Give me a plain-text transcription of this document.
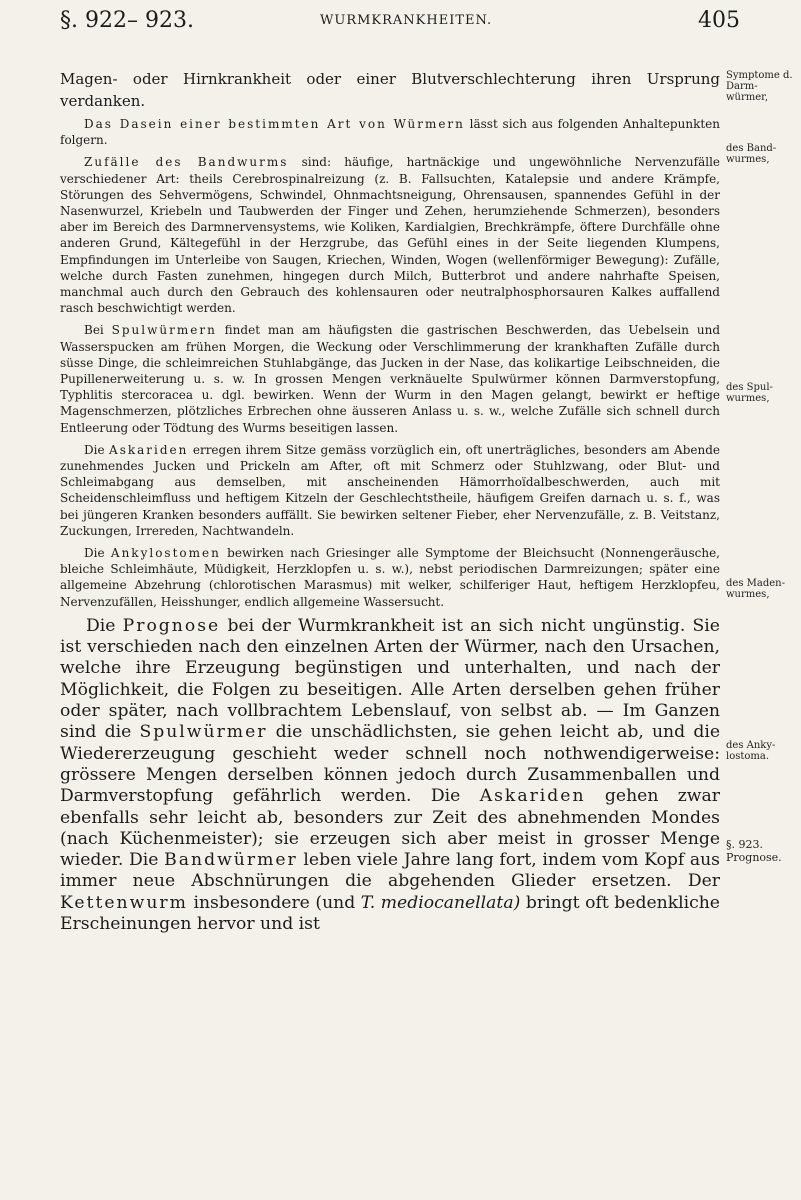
§. 922– 923.	WURMKRANKHEITEN.	405
Symptome d.
Darm-
würmer,
des Band-
wurmes,
des Spul-
wurmes,
des Maden-
wurmes,
des Anky-
lostoma.
§. 923.
Prognose.

Magen- oder Hirnkrankheit oder einer Blutverschlechterung ihren Ursprung verdanken.

Das Dasein einer bestimmten Art von Würmern lässt sich aus folgenden Anhaltepunkten folgern.

Zufälle des Bandwurms sind: häufige, hartnäckige und ungewöhnliche Nervenzufälle verschiedener Art: theils Cerebrospinalreizung (z. B. Fallsuchten, Katalepsie und andere Krämpfe, Störungen des Sehvermögens, Schwindel, Ohnmachtsneigung, Ohrensausen, spannendes Gefühl in der Nasenwurzel, Kriebeln und Taubwerden der Finger und Zehen, herumziehende Schmerzen), besonders aber im Bereich des Darmnervensystems, wie Koliken, Kardialgien, Brechkrämpfe, öftere Durchfälle ohne anderen Grund, Kältegefühl in der Herzgrube, das Gefühl eines in der Seite liegenden Klumpens, Empfindungen im Unterleibe von Saugen, Kriechen, Winden, Wogen (wellenförmiger Bewegung): Zufälle, welche durch Fasten zunehmen, hingegen durch Milch, Butterbrot und andere nahrhafte Speisen, manchmal auch durch den Gebrauch des kohlensauren oder neutralphosphorsauren Kalkes auffallend rasch beschwichtigt werden.

Bei Spulwürmern findet man am häufigsten die gastrischen Beschwerden, das Uebelsein und Wasserspucken am frühen Morgen, die Weckung oder Verschlimmerung der krankhaften Zufälle durch süsse Dinge, die schleimreichen Stuhlabgänge, das Jucken in der Nase, das kolikartige Leibschneiden, die Pupillenerweiterung u. s. w. In grossen Mengen verknäuelte Spulwürmer können Darmverstopfung, Typhlitis stercoracea u. dgl. bewirken. Wenn der Wurm in den Magen gelangt, bewirkt er heftige Magenschmerzen, plötzliches Erbrechen ohne äusseren Anlass u. s. w., welche Zufälle sich schnell durch Entleerung oder Tödtung des Wurms beseitigen lassen.

Die Askariden erregen ihrem Sitze gemäss vorzüglich ein, oft unerträgliches, besonders am Abende zunehmendes Jucken und Prickeln am After, oft mit Schmerz oder Stuhlzwang, oder Blut- und Schleimabgang aus demselben, mit anscheinenden Hämorrhoïdalbeschwerden, auch mit Scheidenschleimfluss und heftigem Kitzeln der Geschlechtstheile, häufigem Greifen darnach u. s. f., was bei jüngeren Kranken besonders auffällt. Sie bewirken seltener Fieber, eher Nervenzufälle, z. B. Veitstanz, Zuckungen, Irrereden, Nachtwandeln.

Die Ankylostomen bewirken nach Griesinger alle Symptome der Bleichsucht (Nonnengeräusche, bleiche Schleimhäute, Müdigkeit, Herzklopfen u. s. w.), nebst periodischen Darmreizungen; später eine allgemeine Abzehrung (chlorotischen Marasmus) mit welker, schilferiger Haut, heftigem Herzklopfeu, Nervenzufällen, Heisshunger, endlich allgemeine Wassersucht.

Die Prognose bei der Wurmkrankheit ist an sich nicht ungünstig. Sie ist verschieden nach den einzelnen Arten der Würmer, nach den Ursachen, welche ihre Erzeugung begünstigen und unterhalten, und nach der Möglichkeit, die Folgen zu beseitigen. Alle Arten derselben gehen früher oder später, nach vollbrachtem Lebenslauf, von selbst ab. — Im Ganzen sind die Spulwürmer die unschädlichsten, sie gehen leicht ab, und die Wiedererzeugung geschieht weder schnell noch nothwendigerweise: grössere Mengen derselben können jedoch durch Zusammenballen und Darmverstopfung gefährlich werden. Die Askariden gehen zwar ebenfalls sehr leicht ab, besonders zur Zeit des abnehmenden Mondes (nach Küchenmeister); sie erzeugen sich aber meist in grosser Menge wieder. Die Bandwürmer leben viele Jahre lang fort, indem vom Kopf aus immer neue Abschnürungen die abgehenden Glieder ersetzen. Der Kettenwurm insbesondere (und T. mediocanellata) bringt oft bedenkliche Erscheinungen hervor und ist
